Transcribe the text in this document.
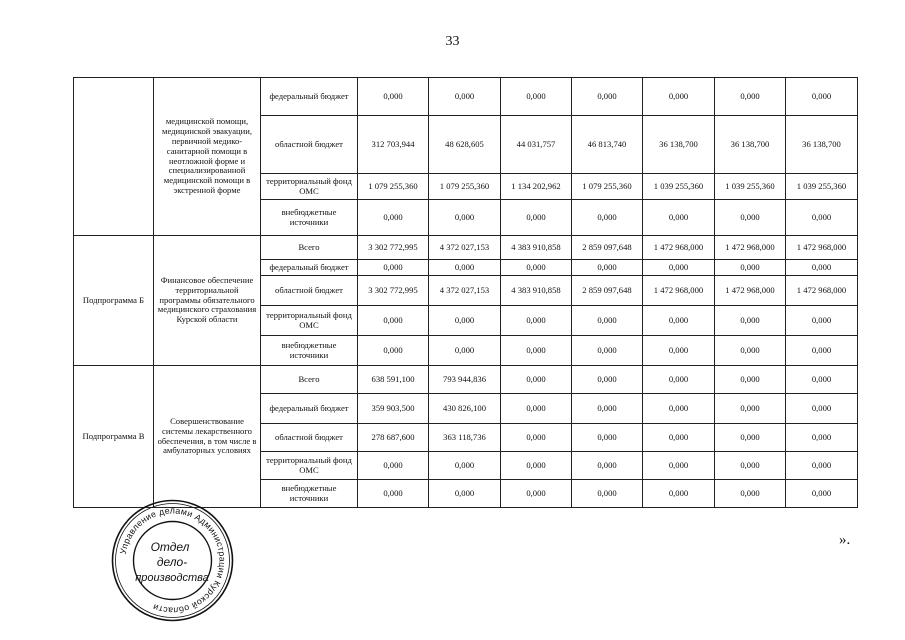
33
	медицинской помощи, медицинской эвакуации, первичной медико-санитарной помощи в неотложной форме и специализированной медицинской помощи в экстренной форме	федеральный бюджет	0,000	0,000	0,000	0,000	0,000	0,000	0,000
		областной бюджет	312 703,944	48 628,605	44 031,757	46 813,740	36 138,700	36 138,700	36 138,700
		территориальный фонд ОМС	1 079 255,360	1 079 255,360	1 134 202,962	1 079 255,360	1 039 255,360	1 039 255,360	1 039 255,360
		внебюджетные источники	0,000	0,000	0,000	0,000	0,000	0,000	0,000
Подпрограмма Б	Финансовое обеспечение территориальной программы обязательного медицинского страхования Курской области	Всего	3 302 772,995	4 372 027,153	4 383 910,858	2 859 097,648	1 472 968,000	1 472 968,000	1 472 968,000
		федеральный бюджет	0,000	0,000	0,000	0,000	0,000	0,000	0,000
		областной бюджет	3 302 772,995	4 372 027,153	4 383 910,858	2 859 097,648	1 472 968,000	1 472 968,000	1 472 968,000
		территориальный фонд ОМС	0,000	0,000	0,000	0,000	0,000	0,000	0,000
		внебюджетные источники	0,000	0,000	0,000	0,000	0,000	0,000	0,000
Подпрограмма В	Совершенствование системы лекарственного обеспечения, в том числе в амбулаторных условиях	Всего	638 591,100	793 944,836	0,000	0,000	0,000	0,000	0,000
		федеральный бюджет	359 903,500	430 826,100	0,000	0,000	0,000	0,000	0,000
		областной бюджет	278 687,600	363 118,736	0,000	0,000	0,000	0,000	0,000
		территориальный фонд ОМС	0,000	0,000	0,000	0,000	0,000	0,000	0,000
		внебюджетные источники	0,000	0,000	0,000	0,000	0,000	0,000	0,000
Управление делами Администрации Курской области
Отдел
дело-
производства
».
